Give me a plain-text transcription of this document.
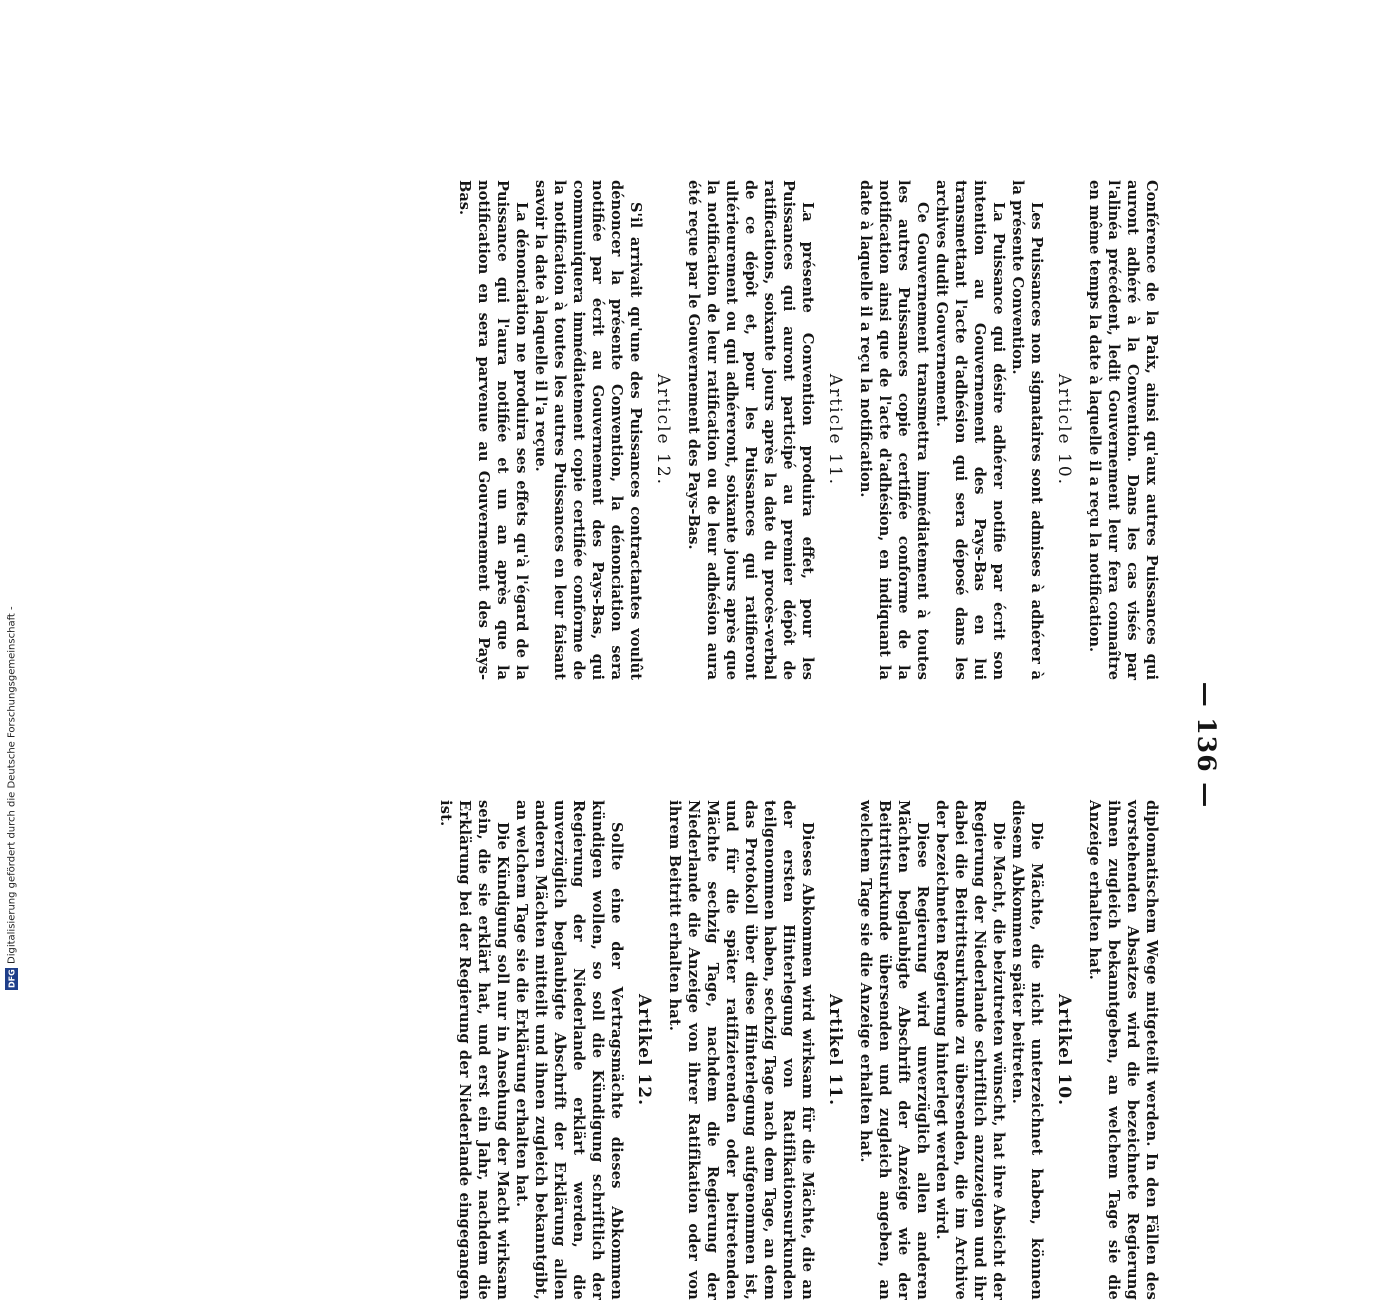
DFG
Digitalisierung gefördert durch die Deutsche Forschungsgemeinschaft -	— 136 —

Conférence de la Paix, ainsi qu'aux autres Puissances qui auront adhéré à la Convention. Dans les cas visés par l'alinéa précédent, ledit Gouvernement leur fera connaître en même temps la date à laquelle il a reçu la notification.

Article 10.

Les Puissances non signataires sont admises à adhérer à la présente Convention.

La Puissance qui désire adhérer notifie par écrit son intention au Gouvernement des Pays-Bas en lui transmettant l'acte d'adhésion qui sera déposé dans les archives dudit Gouvernement.

Ce Gouvernement transmettra immédiatement à toutes les autres Puissances copie certifiée conforme de la notification ainsi que de l'acte d'adhésion, en indiquant la date à laquelle il a reçu la notification.

Article 11.

La présente Convention produira effet, pour les Puissances qui auront participé au premier dépôt de ratifications, soixante jours après la date du procès-verbal de ce dépôt et, pour les Puissances qui ratifieront ultérieurement ou qui adhéreront, soixante jours après que la notification de leur ratification ou de leur adhésion aura été reçue par le Gouvernement des Pays-Bas.

Article 12.

S'il arrivait qu'une des Puissances contractantes voulût dénoncer la présente Convention, la dénonciation sera notifiée par écrit au Gouvernement des Pays-Bas, qui communiquera immédiatement copie certifiée conforme de la notification à toutes les autres Puissances en leur faisant savoir la date à laquelle il l'a reçue.

La dénonciation ne produira ses effets qu'à l'égard de la Puissance qui l'aura notifiée et un an après que la notification en sera parvenue au Gouvernement des Pays-Bas.

diplomatischem Wege mitgeteilt werden. In den Fällen des vorstehenden Absatzes wird die bezeichnete Regierung ihnen zugleich bekanntgeben, an welchem Tage sie die Anzeige erhalten hat.

Artikel 10.

Die Mächte, die nicht unterzeichnet haben, können diesem Abkommen später beitreten.

Die Macht, die beizutreten wünscht, hat ihre Absicht der Regierung der Niederlande schriftlich anzuzeigen und ihr dabei die Beitrittsurkunde zu übersenden, die im Archive der bezeichneten Regierung hinterlegt werden wird.

Diese Regierung wird unverzüglich allen anderen Mächten beglaubigte Abschrift der Anzeige wie der Beitrittsurkunde übersenden und zugleich angeben, an welchem Tage sie die Anzeige erhalten hat.

Artikel 11.

Dieses Abkommen wird wirksam für die Mächte, die an der ersten Hinterlegung von Ratifikationsurkunden teilgenommen haben, sechzig Tage nach dem Tage, an dem das Protokoll über diese Hinterlegung aufgenommen ist, und für die später ratifizierenden oder beitretenden Mächte sechzig Tage, nachdem die Regierung der Niederlande die Anzeige von ihrer Ratifikation oder von ihrem Beitritt erhalten hat.

Artikel 12.

Sollte eine der Vertragsmächte dieses Abkommen kündigen wollen, so soll die Kündigung schriftlich der Regierung der Niederlande erklärt werden, die unverzüglich beglaubigte Abschrift der Erklärung allen anderen Mächten mitteilt und ihnen zugleich bekanntgibt, an welchem Tage sie die Erklärung erhalten hat.

Die Kündigung soll nur in Ansehung der Macht wirksam sein, die sie erklärt hat, und erst ein Jahr, nachdem die Erklärung bei der Regierung der Niederlande eingegangen ist.
